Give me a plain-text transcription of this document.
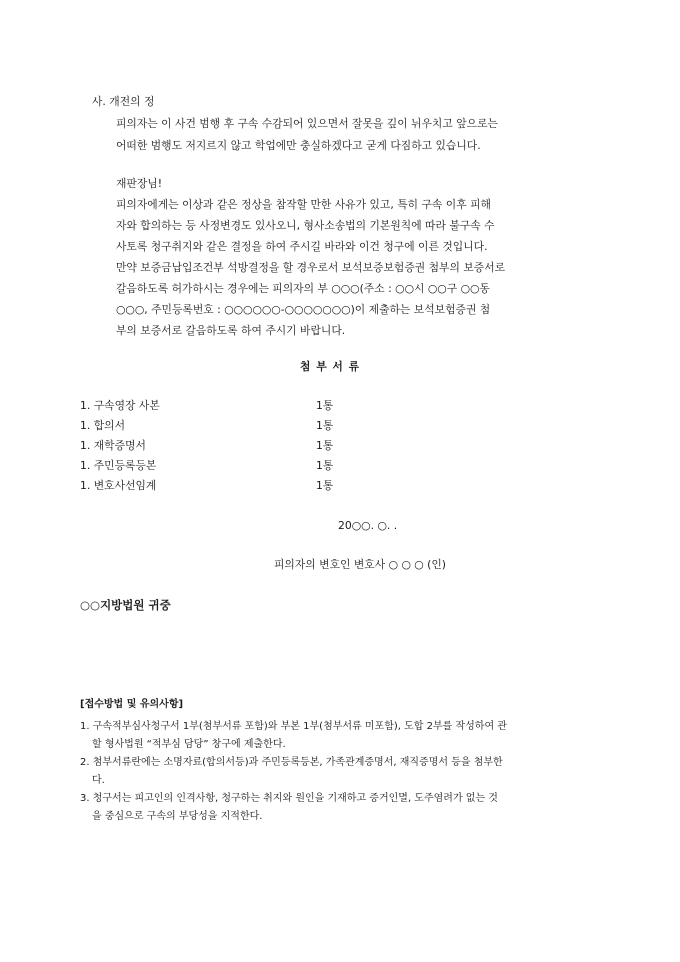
사. 개전의 정
피의자는 이 사건 범행 후 구속 수감되어 있으면서 잘못을 깊이 뉘우치고 앞으로는
어떠한 범행도 저지르지 않고 학업에만 충실하겠다고 굳게 다짐하고 있습니다.
재판장님!
피의자에게는 이상과 같은 정상을 참작할 만한 사유가 있고, 특히 구속 이후 피해
자와 합의하는 등 사정변경도 있사오니, 형사소송법의 기본원칙에 따라 불구속 수
사토록 청구취지와 같은 결정을 하여 주시길 바라와 이건 청구에 이른 것입니다.
만약 보증금납입조건부 석방결정을 할 경우로서 보석보증보험증권 첨부의 보증서로
갈음하도록 허가하시는 경우에는 피의자의 부 ○○○(주소 : ○○시 ○○구 ○○동
○○○, 주민등록번호 : ○○○○○○-○○○○○○○)이 제출하는 보석보험증권 첨
부의 보증서로 갈음하도록 하여 주시기 바랍니다.
첨 부 서 류
1. 구속영장 사본	1통
1. 합의서	1통
1. 재학증명서	1통
1. 주민등록등본	1통
1. 변호사선임계	1통
20○○. ○. .
피의자의 변호인 변호사 ○ ○ ○ (인)
○○지방법원 귀중
[접수방법 및 유의사항]
1. 구속적부심사청구서 1부(첨부서류 포함)와 부본 1부(첨부서류 미포함), 도합 2부를 작성하여 관
할 형사법원 “적부심 담당” 창구에 제출한다.
2. 첨부서류란에는 소명자료(합의서등)과 주민등록등본, 가족관계증명서, 재직증명서 등을 첨부한
다.
3. 청구서는 피고인의 인격사항, 청구하는 취지와 원인을 기재하고 증거인멸, 도주염려가 없는 것
을 중심으로 구속의 부당성을 지적한다.
